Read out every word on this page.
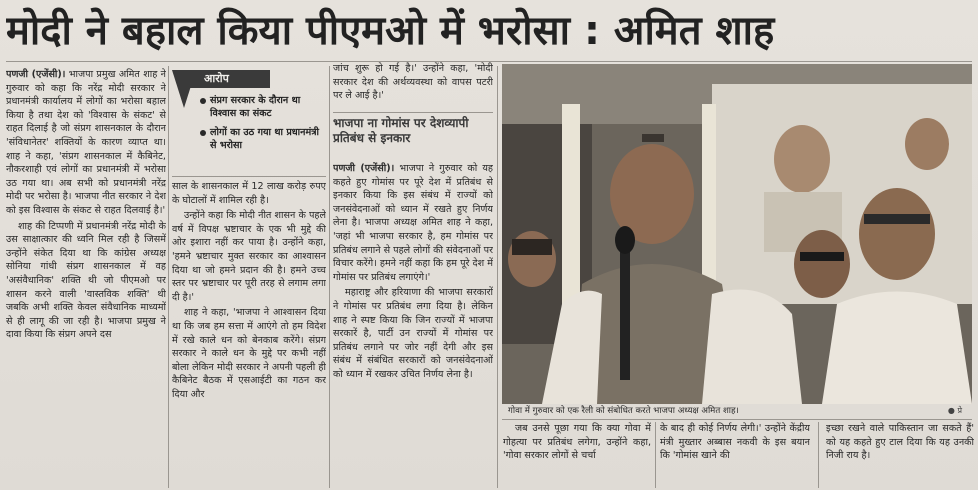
मोदी ने बहाल किया पीएमओ में भरोसा : अमित शाह

पणजी (एजेंसी)। भाजपा प्रमुख अमित शाह ने गुरुवार को कहा कि नरेंद्र मोदी सरकार ने प्रधानमंत्री कार्यालय में लोगों का भरोसा बहाल किया है तथा देश को 'विश्वास के संकट' से राहत दिलाई है जो संप्रग शासनकाल के दौरान 'संविधानेतर' शक्तियों के कारण व्याप्त था। शाह ने कहा, 'संप्रग शासनकाल में कैबिनेट, नौकरशाही एवं लोगों का प्रधानमंत्री में भरोसा उठ गया था। अब सभी को प्रधानमंत्री नरेंद्र मोदी पर भरोसा है। भाजपा नीत सरकार ने देश को इस विश्वास के संकट से राहत दिलवाई है।'

शाह की टिप्पणी में प्रधानमंत्री नरेंद्र मोदी के उस साक्षात्कार की ध्वनि मिल रही है जिसमें उन्होंने संकेत दिया था कि कांग्रेस अध्यक्ष सोनिया गांधी संप्रग शासनकाल में वह 'असंवैधानिक' शक्ति थी जो पीएमओ पर शासन करने वाली 'वास्तविक शक्ति' थी जबकि अभी शक्ति केवल संवैधानिक माध्यमों से ही लागू की जा रही है। भाजपा प्रमुख ने दावा किया कि संप्रग अपने दस

आरोप
संप्रग सरकार के दौरान था विश्वास का संकट
लोगों का उठ गया था प्रधानमंत्री से भरोसा

साल के शासनकाल में 12 लाख करोड़ रुपए के घोटालों में शामिल रही है।

उन्होंने कहा कि मोदी नीत शासन के पहले वर्ष में विपक्ष भ्रष्टाचार के एक भी मुद्दे की ओर इशारा नहीं कर पाया है। उन्होंने कहा, 'हमने भ्रष्टाचार मुक्त सरकार का आश्वासन दिया था जो हमने प्रदान की है। हमने उच्च स्तर पर भ्रष्टाचार पर पूरी तरह से लगाम लगा दी है।'

शाह ने कहा, 'भाजपा ने आश्वासन दिया था कि जब हम सत्ता में आएंगे तो हम विदेश में रखे काले धन को बेनकाब करेंगे। संप्रग सरकार ने काले धन के मुद्दे पर कभी नहीं बोला लेकिन मोदी सरकार ने अपनी पहली ही कैबिनेट बैठक में एसआईटी का गठन कर दिया और

जांच शुरू हो गई है।' उन्होंने कहा, 'मोदी सरकार देश की अर्थव्यवस्था को वापस पटरी पर ले आई है।'

भाजपा ना गोमांस पर देशव्यापी प्रतिबंध से इनकार

पणजी (एजेंसी)। भाजपा ने गुरुवार को यह कहते हुए गोमांस पर पूरे देश में प्रतिबंध से इनकार किया कि इस संबंध में राज्यों को जनसंवेदनाओं को ध्यान में रखते हुए निर्णय लेना है। भाजपा अध्यक्ष अमित शाह ने कहा, 'जहां भी भाजपा सरकार है, हम गोमांस पर प्रतिबंध लगाने से पहले लोगों की संवेदनाओं पर विचार करेंगे। हमने नहीं कहा कि हम पूरे देश में गोमांस पर प्रतिबंध लगाएंगे।'

महाराष्ट्र और हरियाणा की भाजपा सरकारों ने गोमांस पर प्रतिबंध लगा दिया है। लेकिन शाह ने स्पष्ट किया कि जिन राज्यों में भाजपा सरकारें है, पार्टी उन राज्यों में गोमांस पर प्रतिबंध लगाने पर जोर नहीं देगी और इस संबंध में संबंधित सरकारों को जनसंवेदनाओं को ध्यान में रखकर उचित निर्णय लेना है।

गोवा में गुरुवार को एक रैली को संबोधित करते भाजपा अध्यक्ष अमित शाह।	● प्रे

जब उनसे पूछा गया कि क्या गोवा में गोहत्या पर प्रतिबंध लगेगा, उन्होंने कहा, 'गोवा सरकार लोगों से चर्चा

के बाद ही कोई निर्णय लेगी।' उन्होंने केंद्रीय मंत्री मुख्तार अब्बास नकवी के इस बयान कि 'गोमांस खाने की

इच्छा रखने वाले पाकिस्तान जा सकते हैं' को यह कहते हुए टाल दिया कि यह उनकी निजी राय है।
